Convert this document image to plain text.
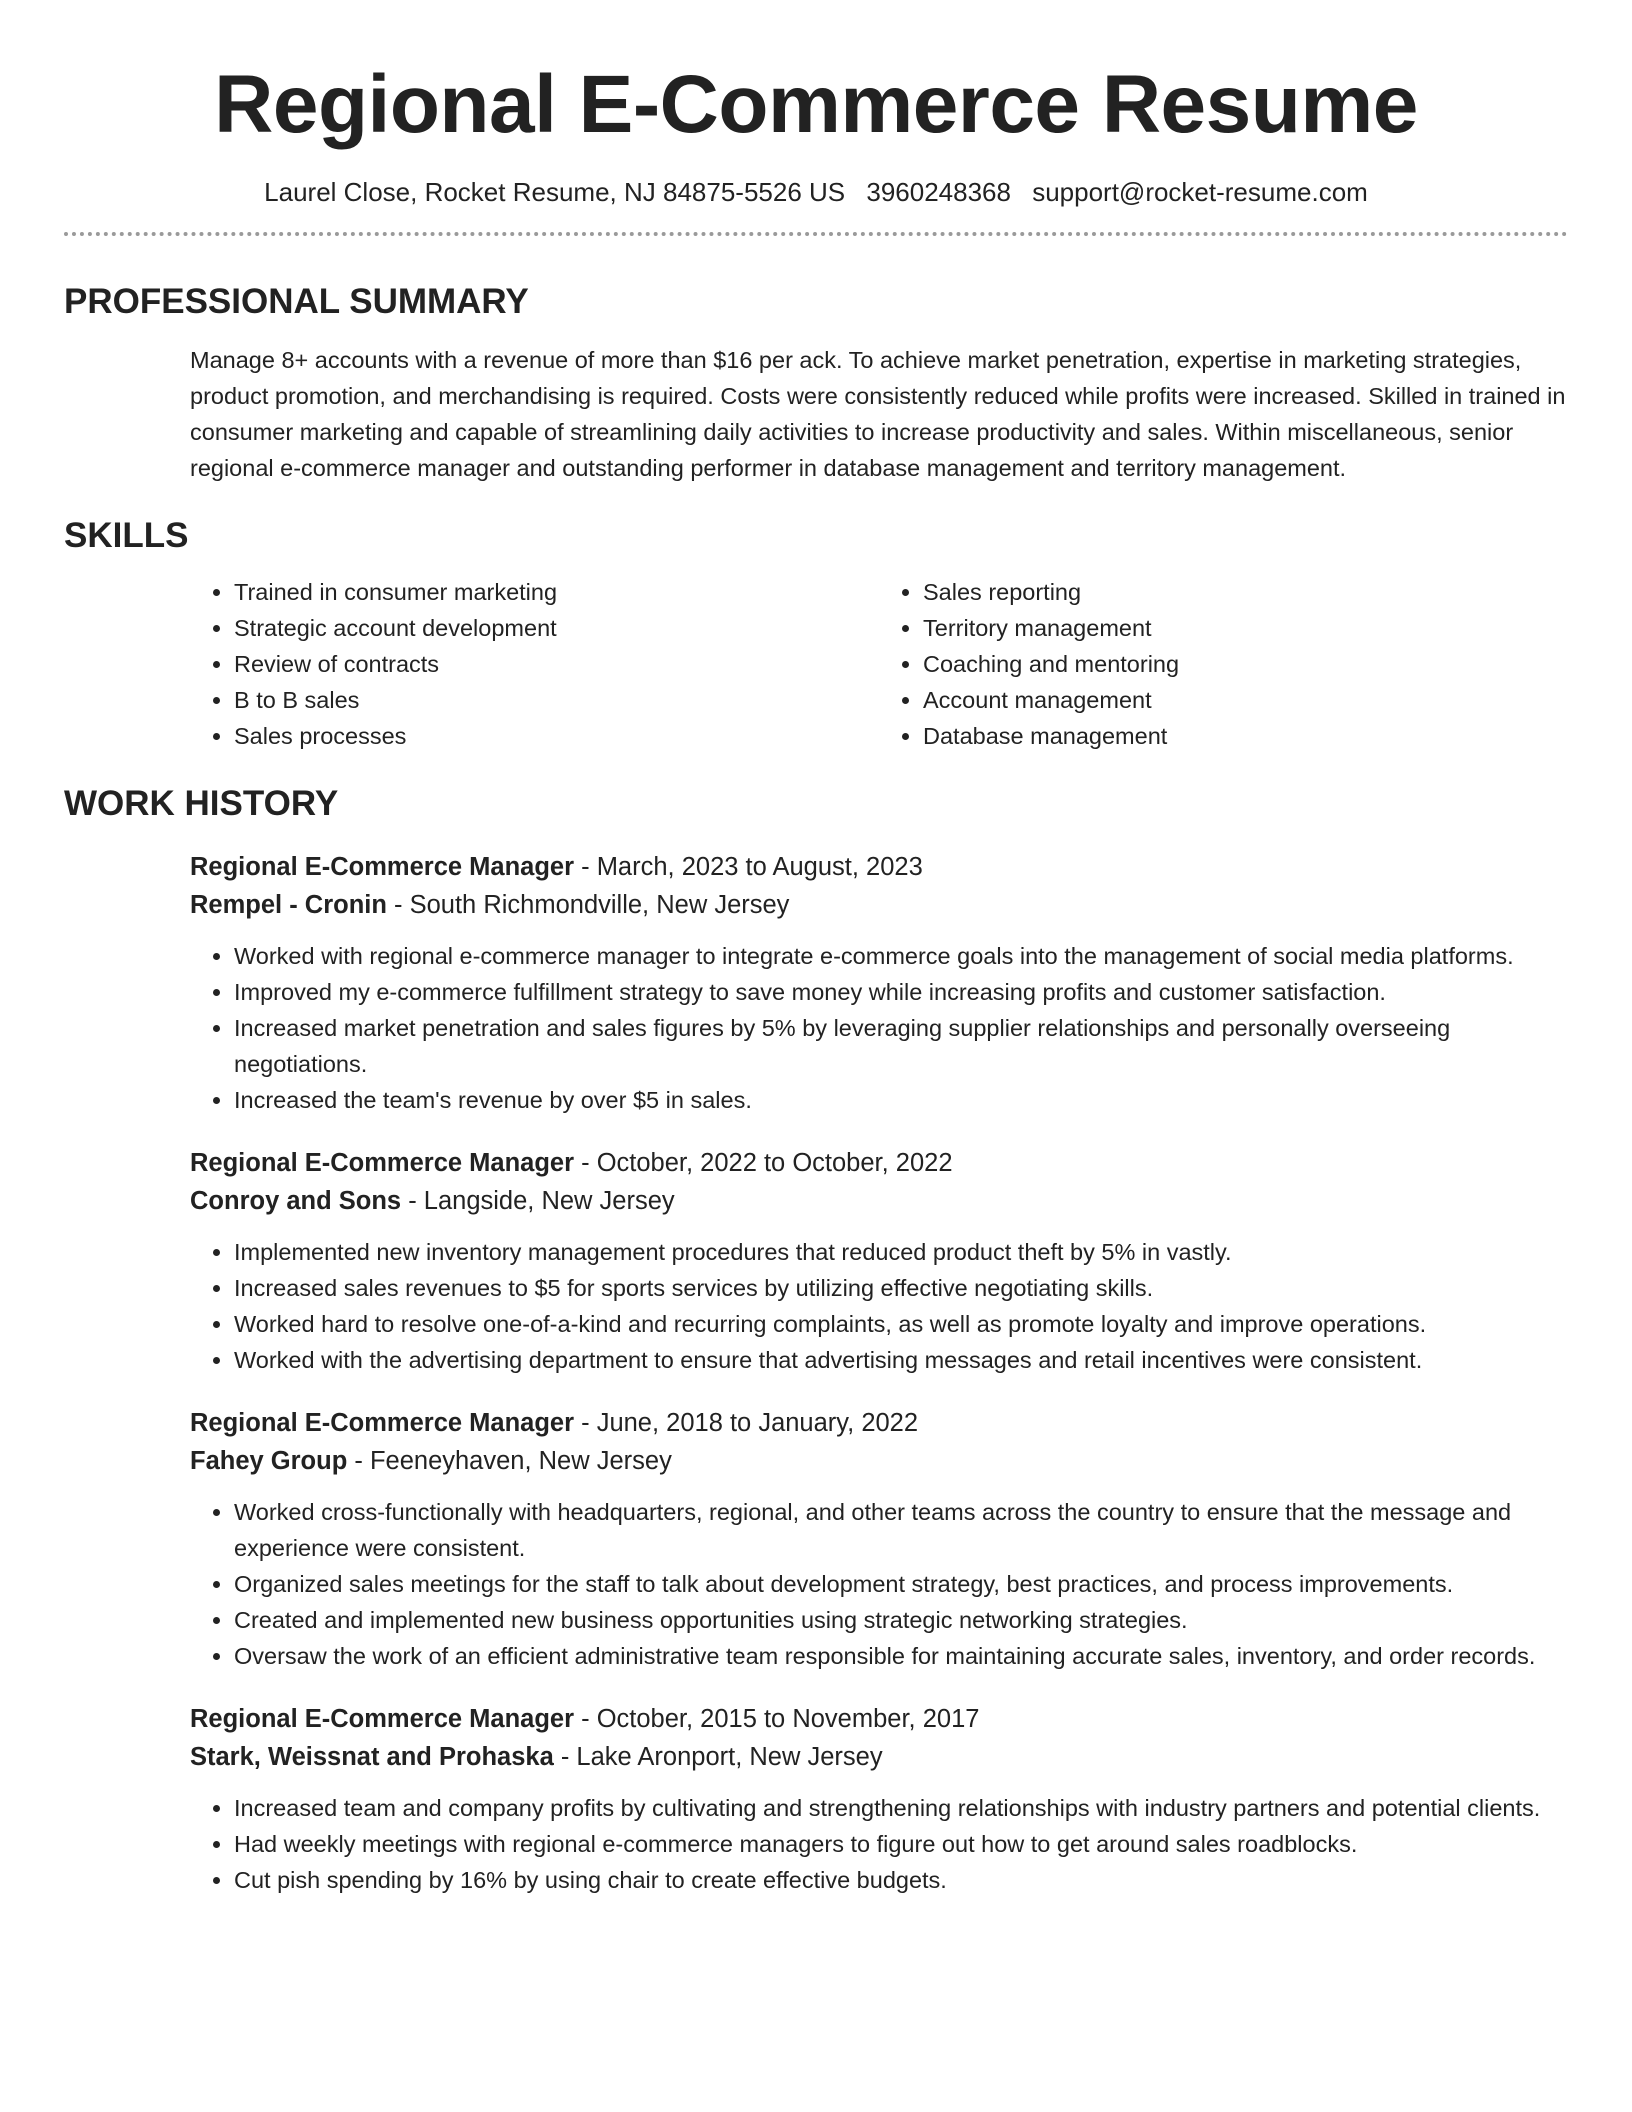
Regional E-Commerce Resume
Laurel Close, Rocket Resume, NJ 84875-5526 US 3960248368 support@rocket-resume.com
PROFESSIONAL SUMMARY

Manage 8+ accounts with a revenue of more than $16 per ack. To achieve market penetration, expertise in marketing strategies, product promotion, and merchandising is required. Costs were consistently reduced while profits were increased. Skilled in trained in consumer marketing and capable of streamlining daily activities to increase productivity and sales. Within miscellaneous, senior regional e-commerce manager and outstanding performer in database management and territory management.

SKILLS
• Trained in consumer marketing
• Strategic account development
• Review of contracts
• B to B sales
• Sales processes
• Sales reporting
• Territory management
• Coaching and mentoring
• Account management
• Database management
WORK HISTORY
Regional E-Commerce Manager - March, 2023 to August, 2023
Rempel - Cronin - South Richmondville, New Jersey
• Worked with regional e-commerce manager to integrate e-commerce goals into the management of social media platforms.
• Improved my e-commerce fulfillment strategy to save money while increasing profits and customer satisfaction.
• Increased market penetration and sales figures by 5% by leveraging supplier relationships and personally overseeing negotiations.
• Increased the team's revenue by over $5 in sales.
Regional E-Commerce Manager - October, 2022 to October, 2022
Conroy and Sons - Langside, New Jersey
• Implemented new inventory management procedures that reduced product theft by 5% in vastly.
• Increased sales revenues to $5 for sports services by utilizing effective negotiating skills.
• Worked hard to resolve one-of-a-kind and recurring complaints, as well as promote loyalty and improve operations.
• Worked with the advertising department to ensure that advertising messages and retail incentives were consistent.
Regional E-Commerce Manager - June, 2018 to January, 2022
Fahey Group - Feeneyhaven, New Jersey
• Worked cross-functionally with headquarters, regional, and other teams across the country to ensure that the message and experience were consistent.
• Organized sales meetings for the staff to talk about development strategy, best practices, and process improvements.
• Created and implemented new business opportunities using strategic networking strategies.
• Oversaw the work of an efficient administrative team responsible for maintaining accurate sales, inventory, and order records.
Regional E-Commerce Manager - October, 2015 to November, 2017
Stark, Weissnat and Prohaska - Lake Aronport, New Jersey
• Increased team and company profits by cultivating and strengthening relationships with industry partners and potential clients.
• Had weekly meetings with regional e-commerce managers to figure out how to get around sales roadblocks.
• Cut pish spending by 16% by using chair to create effective budgets.
